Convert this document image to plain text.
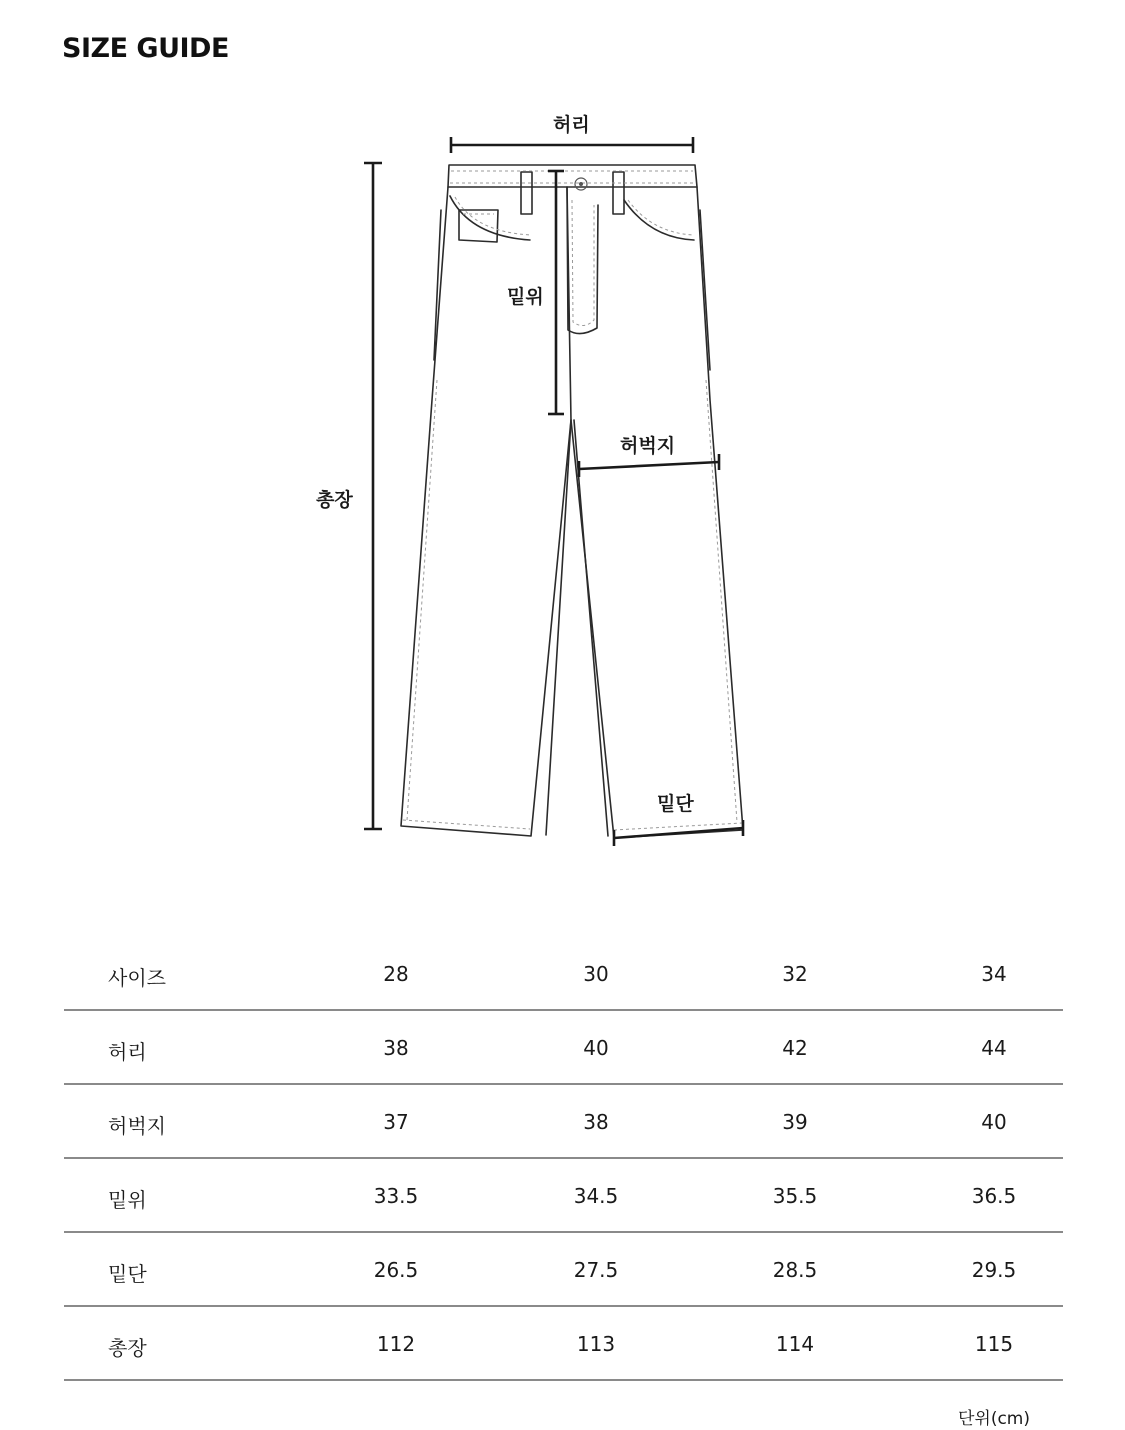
SIZE GUIDE
허리
밑위
허벅지
총장
밑단
사이즈	28	30	32	34
허리	38	40	42	44
허벅지	37	38	39	40
밑위	33.5	34.5	35.5	36.5
밑단	26.5	27.5	28.5	29.5
총장	112	113	114	115
단위(cm)
